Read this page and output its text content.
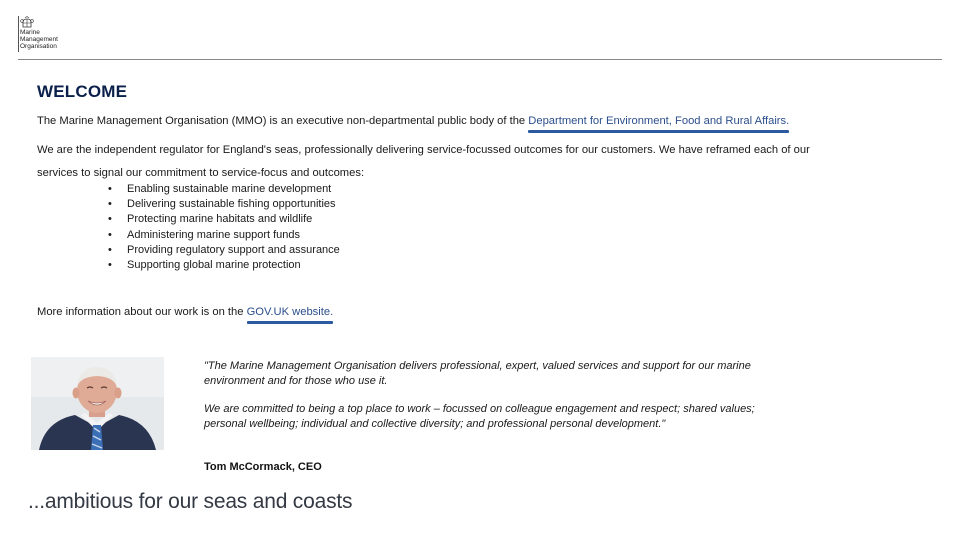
Marine
Management
Organisation
WELCOME
The Marine Management Organisation (MMO) is an executive non-departmental public body of the Department for Environment, Food and Rural Affairs.
We are the independent regulator for England's seas, professionally delivering service-focussed outcomes for our customers. We have reframed each of our
services to signal our commitment to service-focus and outcomes:
• Enabling sustainable marine development
• Delivering sustainable fishing opportunities
• Protecting marine habitats and wildlife
• Administering marine support funds
• Providing regulatory support and assurance
• Supporting global marine protection
More information about our work is on the GOV.UK website.

"The Marine Management Organisation delivers professional, expert, valued services and support for our marine environment and for those who use it.

We are committed to being a top place to work – focussed on colleague engagement and respect; shared values; personal wellbeing; individual and collective diversity; and professional personal development."

Tom McCormack, CEO
...ambitious for our seas and coasts
